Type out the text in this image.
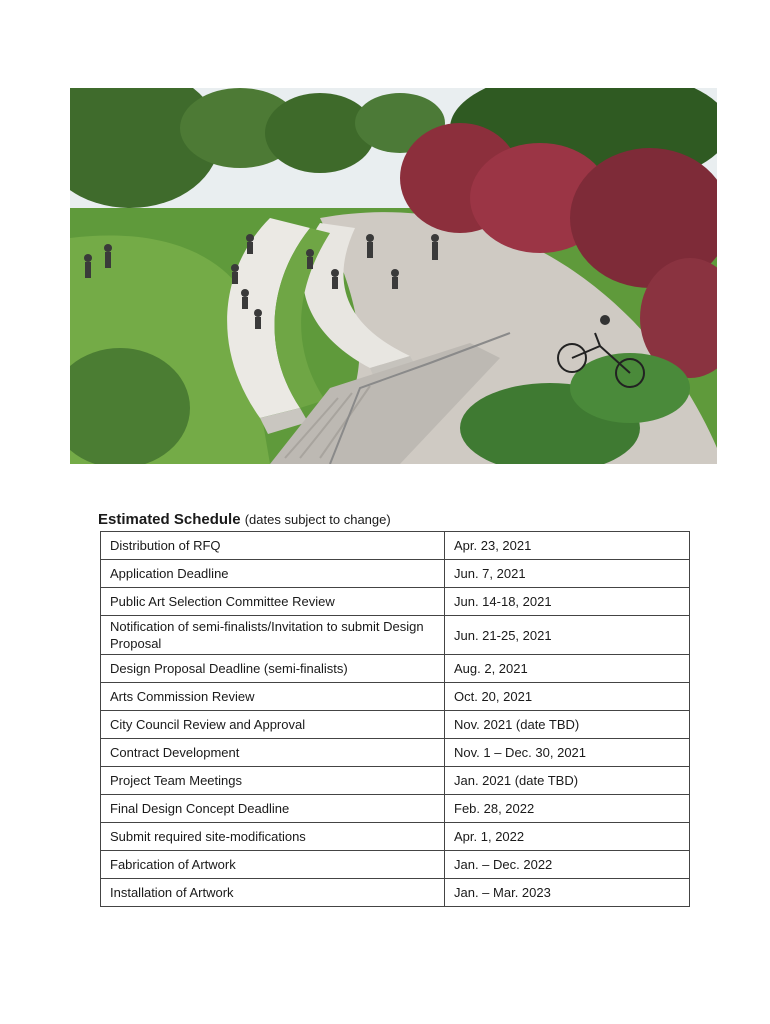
Estimated Schedule (dates subject to change)
Distribution of RFQ	Apr. 23, 2021
Application Deadline	Jun. 7, 2021
Public Art Selection Committee Review	Jun. 14-18, 2021
Notification of semi-finalists/Invitation to submit Design Proposal	Jun. 21-25, 2021
Design Proposal Deadline (semi-finalists)	Aug. 2, 2021
Arts Commission Review	Oct. 20, 2021
City Council Review and Approval	Nov. 2021 (date TBD)
Contract Development	Nov. 1 – Dec. 30, 2021
Project Team Meetings	Jan. 2021 (date TBD)
Final Design Concept Deadline	Feb. 28, 2022
Submit required site-modifications	Apr. 1, 2022
Fabrication of Artwork	Jan. – Dec. 2022
Installation of Artwork	Jan. – Mar. 2023
